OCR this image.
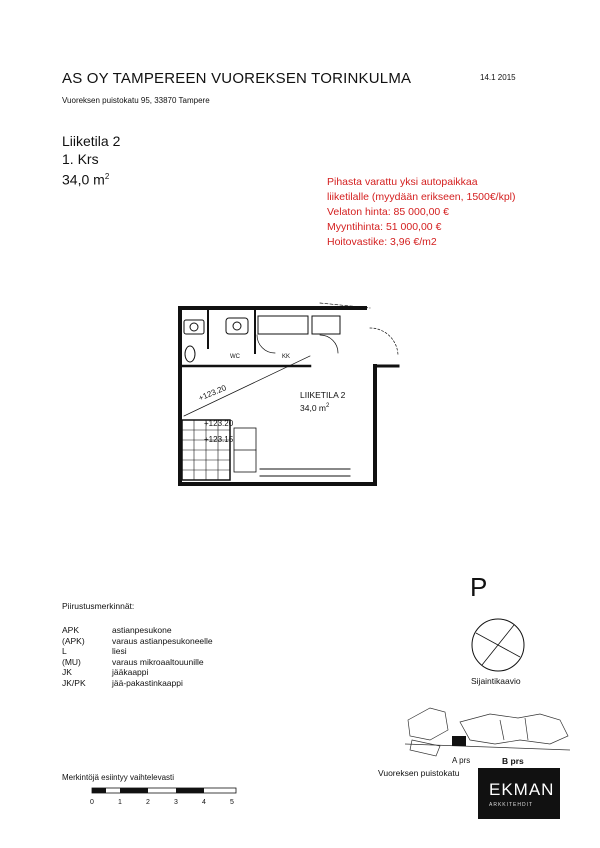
AS OY TAMPEREEN VUOREKSEN TORINKULMA	14.1 2015
Vuoreksen puistokatu 95, 33870 Tampere
Liiketila 2
1. Krs
34,0 $m^2$	Pihasta varattu yksi autopaikkaa
liiketilalle (myydään erikseen, 1500€/kpl)
Velaton hinta: 85 000,00 €
Myyntihinta: 51 000,00 €
Hoitovastike: 3,96 €/m2
+123.20
+123.20
+123.15
KK
WC
LIIKETILA 2
34,0 $m^2$
P
Sijaintikaavio
A prs	B prs
Vuoreksen puistokatu
EKMAN
ARKKITEHDIT
Piirustusmerkinnät:
APK	astianpesukone
(APK)	varaus astianpesukoneelle
L	liesi
(MU)	varaus mikroaaltouunille
JK	jääkaappi
JK/PK	jää-pakastinkaappi
Merkintöjä esiintyy vaihtelevasti
0	1	2	3	4	5
